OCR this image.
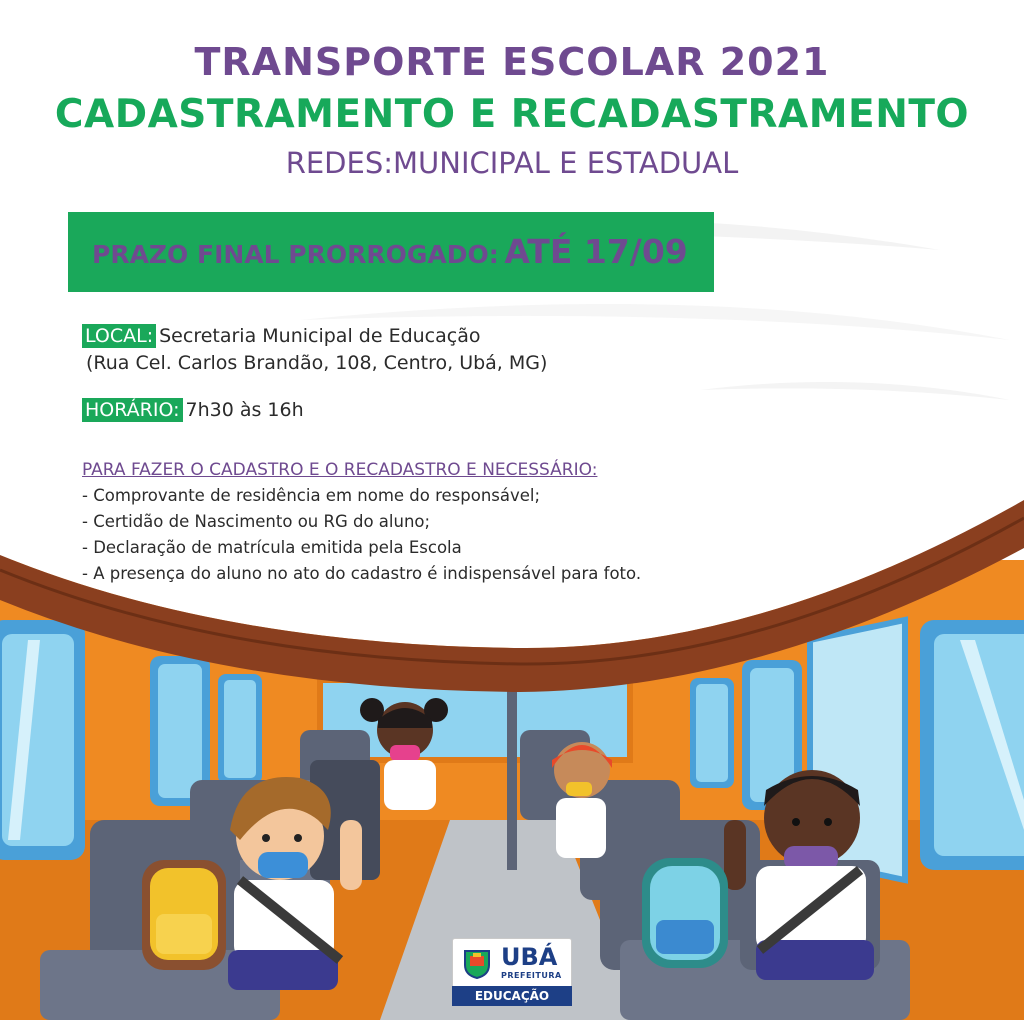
TRANSPORTE ESCOLAR 2021
CADASTRAMENTO E RECADASTRAMENTO
REDES:MUNICIPAL E ESTADUAL
PRAZO FINAL PRORROGADO: ATÉ 17/09
LOCAL: Secretaria Municipal de Educação
(Rua Cel. Carlos Brandão, 108, Centro, Ubá, MG)
HORÁRIO: 7h30 às 16h
PARA FAZER O CADASTRO E O RECADASTRO E NECESSÁRIO:
- Comprovante de residência em nome do responsável;
- Certidão de Nascimento ou RG do aluno;
- Declaração de matrícula emitida pela Escola
- A presença do aluno no ato do cadastro é indispensável para foto.
UBÁ
PREFEITURA
EDUCAÇÃO
